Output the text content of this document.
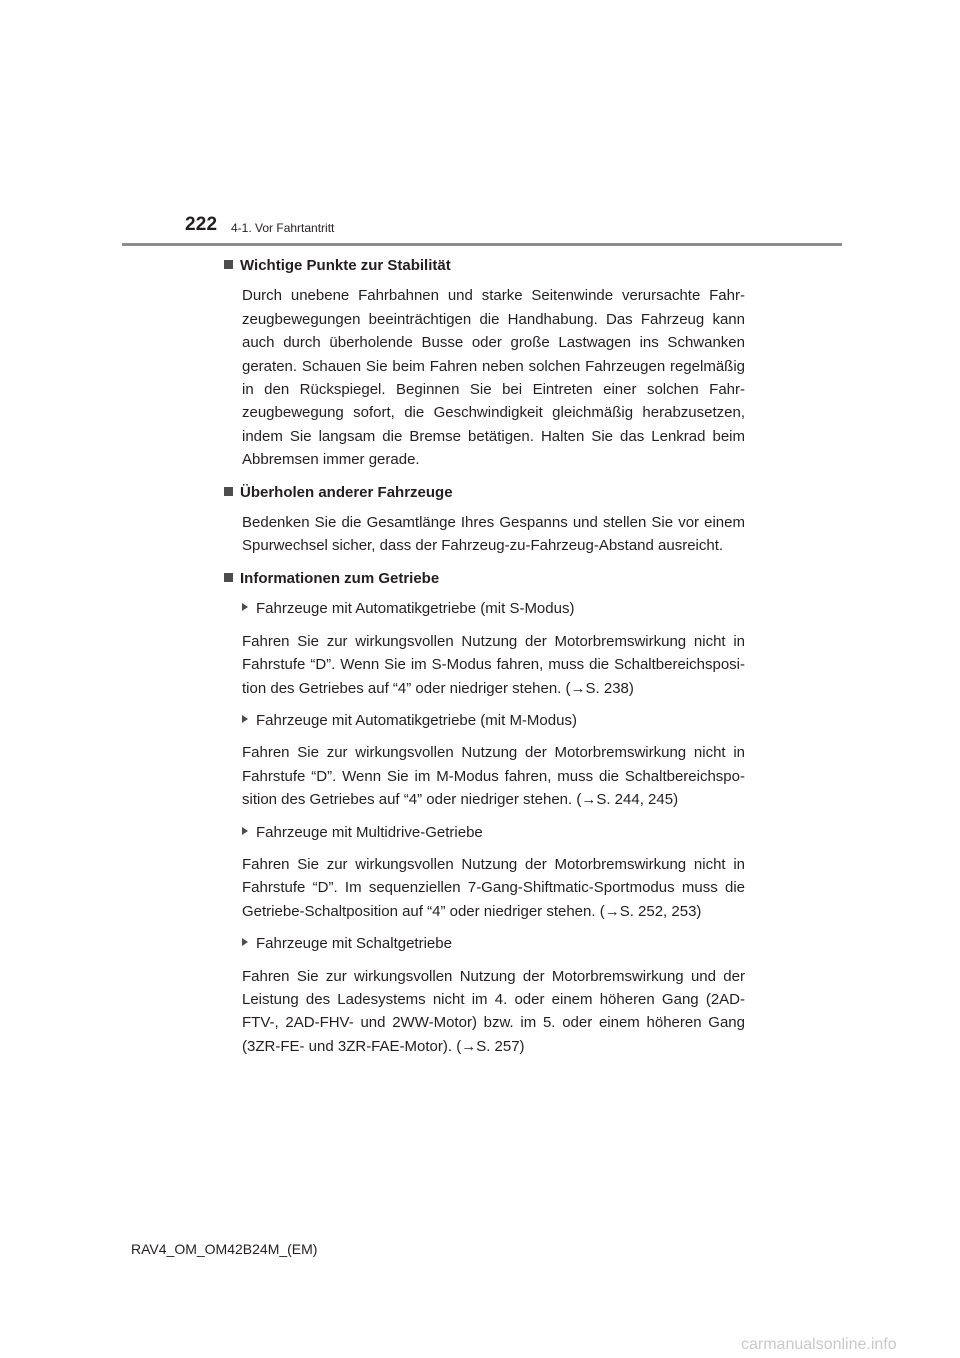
222 4-1. Vor Fahrtantritt
Wichtige Punkte zur Stabilität

Durch unebene Fahrbahnen und starke Seitenwinde verursachte Fahrzeugbewegungen beeinträchtigen die Handhabung. Das Fahrzeug kann auch durch überholende Busse oder große Lastwagen ins Schwanken geraten. Schauen Sie beim Fahren neben solchen Fahrzeugen regelmäßig in den Rückspiegel. Beginnen Sie bei Eintreten einer solchen Fahrzeugbewegung sofort, die Geschwindigkeit gleichmäßig herabzusetzen, indem Sie langsam die Bremse betätigen. Halten Sie das Lenkrad beim Abbremsen immer gerade.

Überholen anderer Fahrzeuge

Bedenken Sie die Gesamtlänge Ihres Gespanns und stellen Sie vor einem Spurwechsel sicher, dass der Fahrzeug-zu-Fahrzeug-Abstand ausreicht.

Informationen zum Getriebe
Fahrzeuge mit Automatikgetriebe (mit S-Modus)

Fahren Sie zur wirkungsvollen Nutzung der Motorbremswirkung nicht in Fahrstufe “D”. Wenn Sie im S-Modus fahren, muss die Schaltbereichsposition des Getriebes auf “4” oder niedriger stehen. (→S. 238)

Fahrzeuge mit Automatikgetriebe (mit M-Modus)

Fahren Sie zur wirkungsvollen Nutzung der Motorbremswirkung nicht in Fahrstufe “D”. Wenn Sie im M-Modus fahren, muss die Schaltbereichsposition des Getriebes auf “4” oder niedriger stehen. (→S. 244, 245)

Fahrzeuge mit Multidrive-Getriebe

Fahren Sie zur wirkungsvollen Nutzung der Motorbremswirkung nicht in Fahrstufe “D”. Im sequenziellen 7-Gang-Shiftmatic-Sportmodus muss die Getriebe-Schaltposition auf “4” oder niedriger stehen. (→S. 252, 253)

Fahrzeuge mit Schaltgetriebe

Fahren Sie zur wirkungsvollen Nutzung der Motorbremswirkung und der Leistung des Ladesystems nicht im 4. oder einem höheren Gang (2AD-FTV-, 2AD-FHV- und 2WW-Motor) bzw. im 5. oder einem höheren Gang (3ZR-FE- und 3ZR-FAE-Motor). (→S. 257)

RAV4_OM_OM42B24M_(EM)
carmanualsonline.info
